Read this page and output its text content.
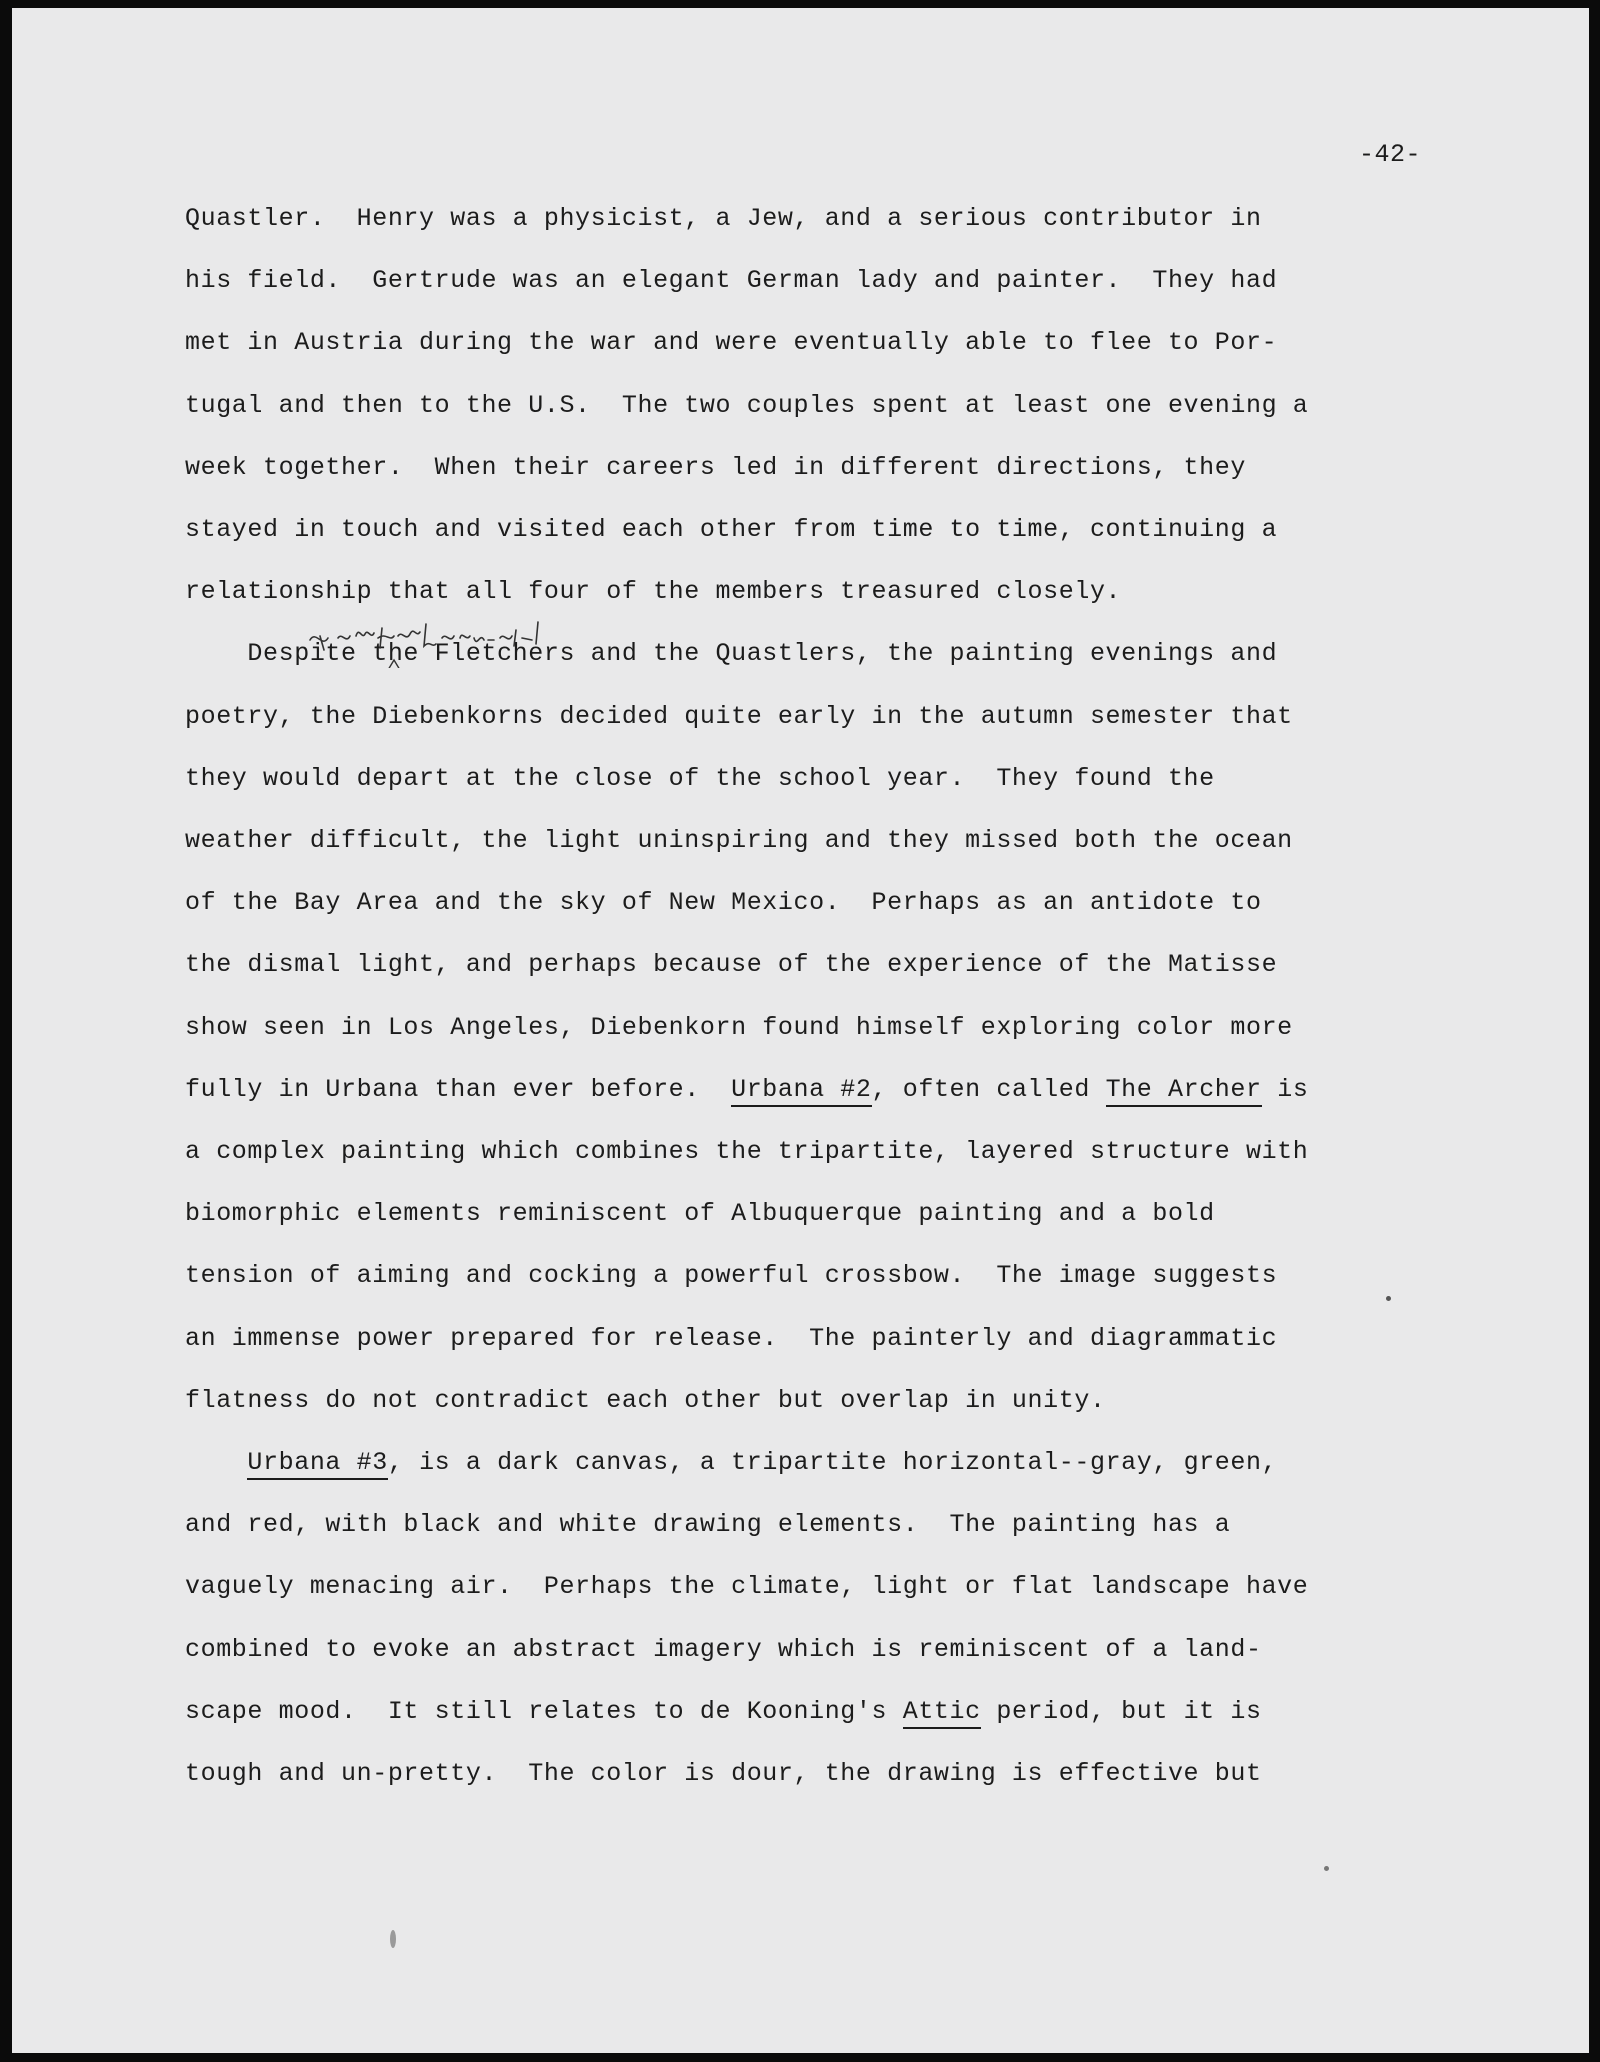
-42-
Quastler.  Henry was a physicist, a Jew, and a serious contributor in
his field.  Gertrude was an elegant German lady and painter.  They had
met in Austria during the war and were eventually able to flee to Por-
tugal and then to the U.S.  The two couples spent at least one evening a
week together.  When their careers led in different directions, they
stayed in touch and visited each other from time to time, continuing a
relationship that all four of the members treasured closely.
Despite the Fletchers and the Quastlers, the painting evenings and
poetry, the Diebenkorns decided quite early in the autumn semester that
they would depart at the close of the school year.  They found the
weather difficult, the light uninspiring and they missed both the ocean
of the Bay Area and the sky of New Mexico.  Perhaps as an antidote to
the dismal light, and perhaps because of the experience of the Matisse
show seen in Los Angeles, Diebenkorn found himself exploring color more
fully in Urbana than ever before.  Urbana #2, often called The Archer is
a complex painting which combines the tripartite, layered structure with
biomorphic elements reminiscent of Albuquerque painting and a bold
tension of aiming and cocking a powerful crossbow.  The image suggests
an immense power prepared for release.  The painterly and diagrammatic
flatness do not contradict each other but overlap in unity.
Urbana #3, is a dark canvas, a tripartite horizontal--gray, green,
and red, with black and white drawing elements.  The painting has a
vaguely menacing air.  Perhaps the climate, light or flat landscape have
combined to evoke an abstract imagery which is reminiscent of a land-
scape mood.  It still relates to de Kooning's Attic period, but it is
tough and un-pretty.  The color is dour, the drawing is effective but
